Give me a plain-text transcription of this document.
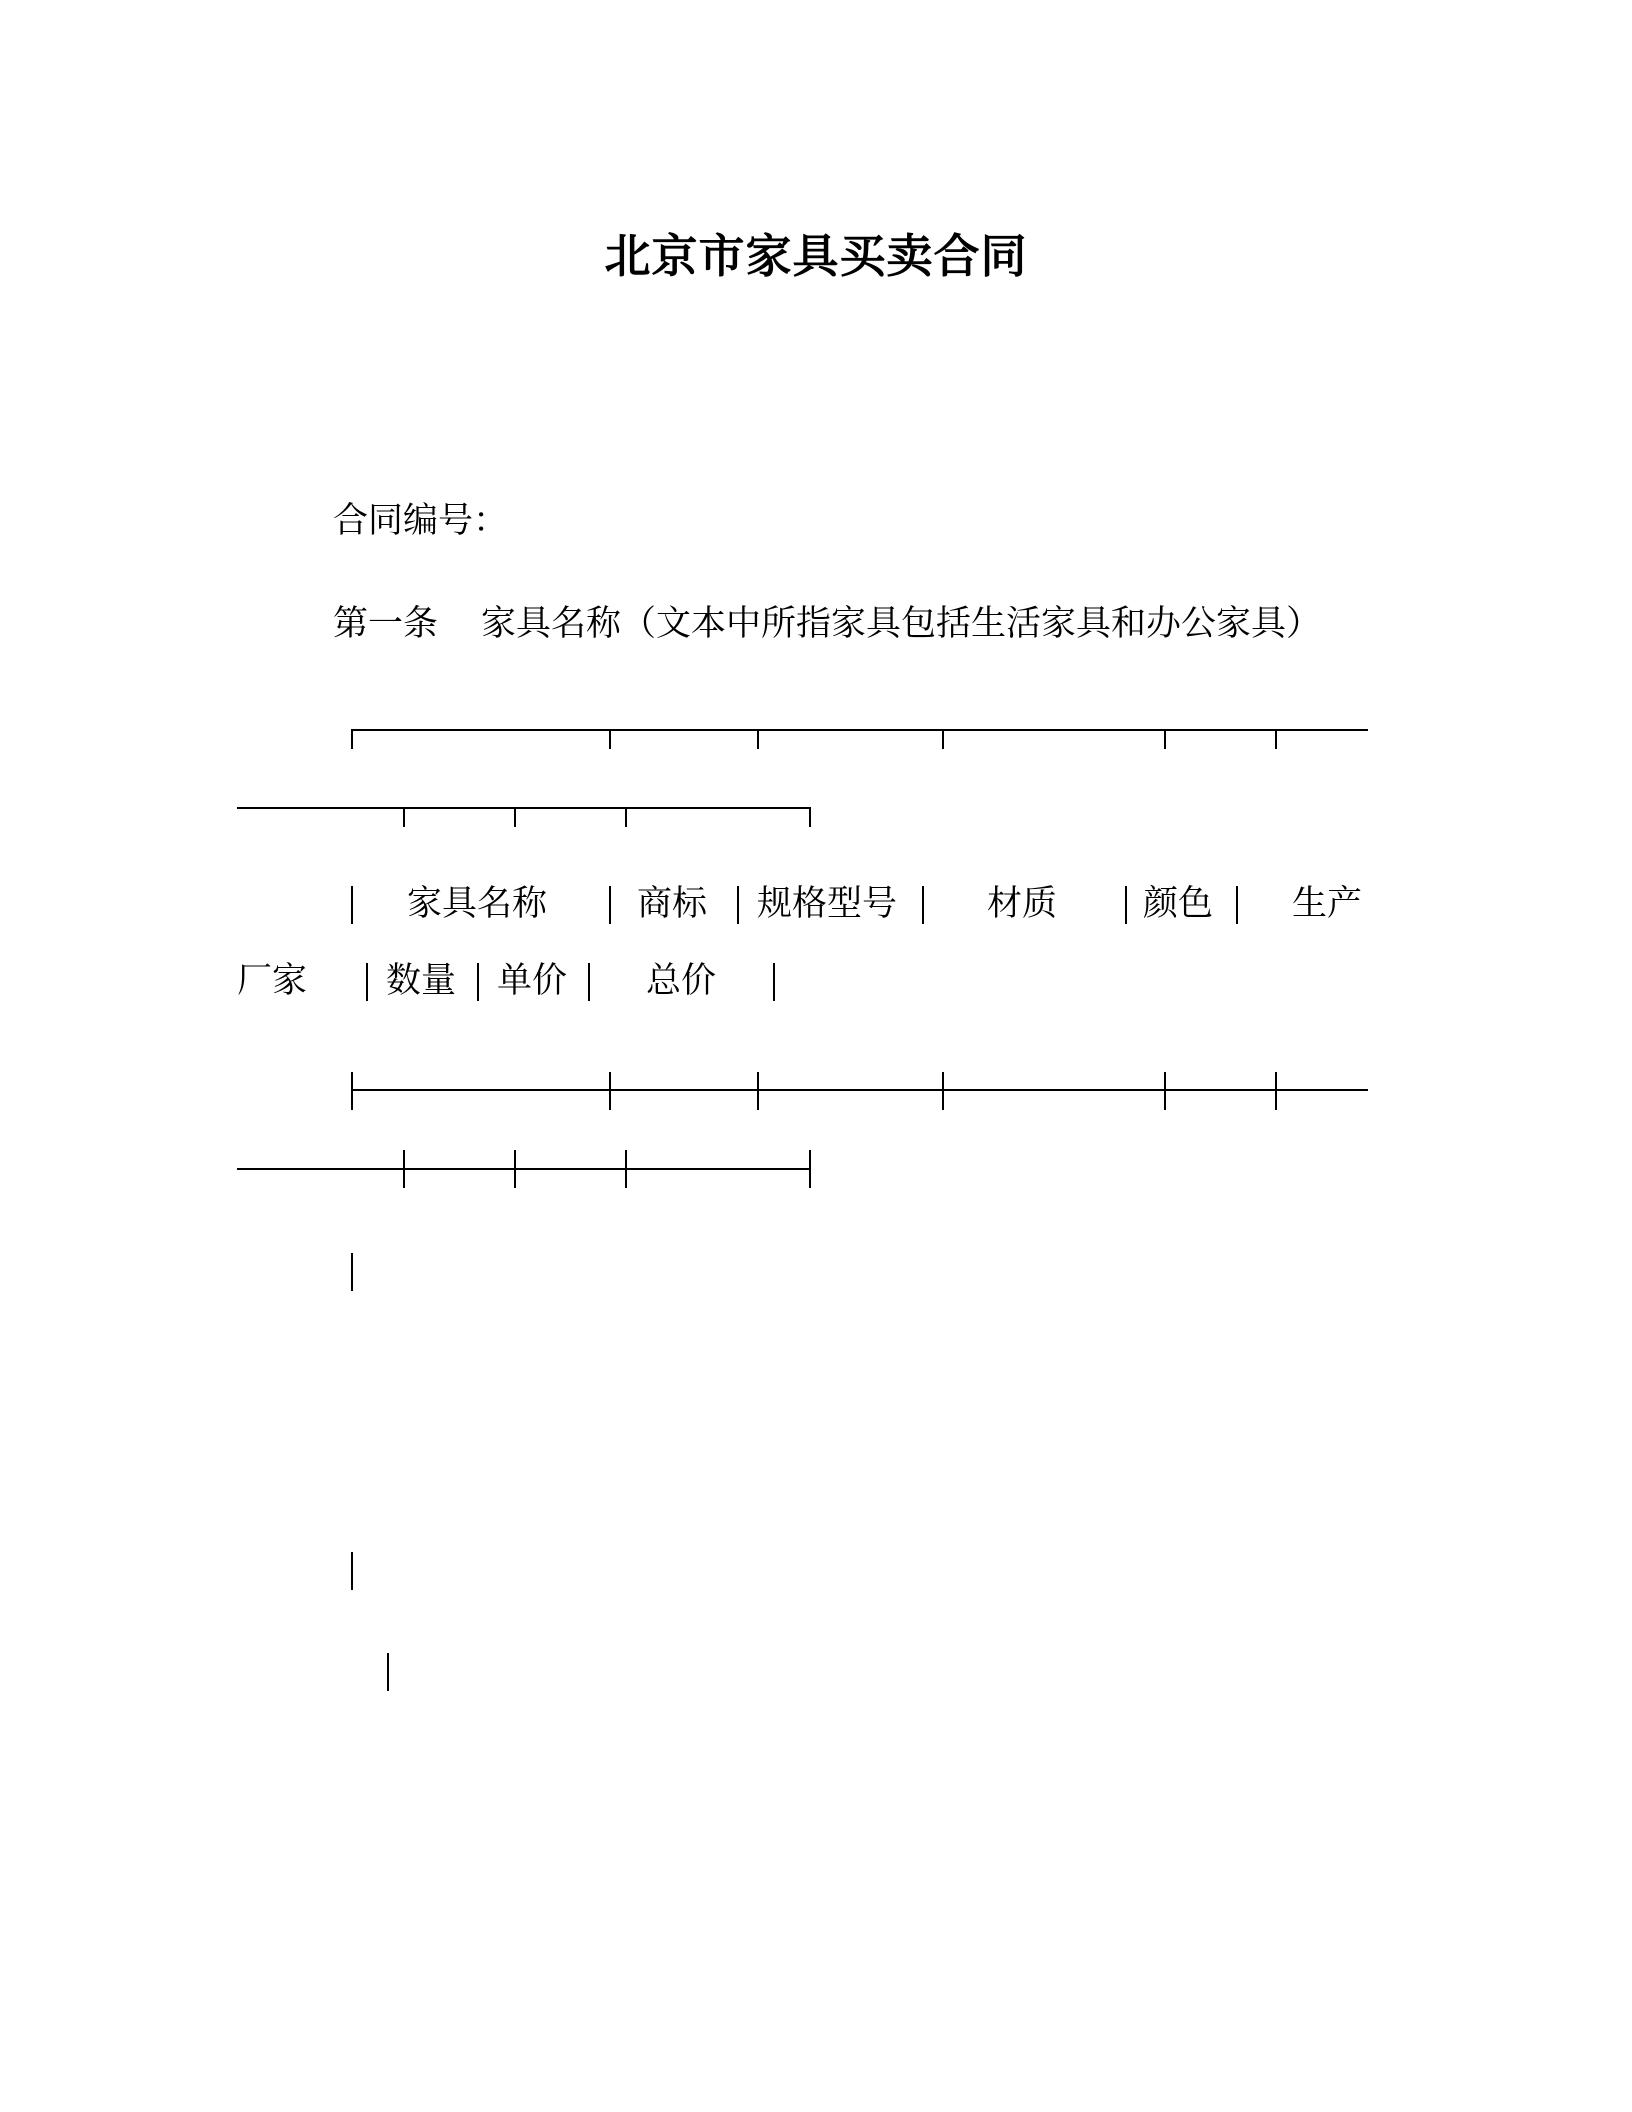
北京市家具买卖合同
合同编号：
第一条 家具名称（文本中所指家具包括生活家具和办公家具）
家具名称	商标 规格型号	材质 颜色 生产
厂家 数量 单价 总价
